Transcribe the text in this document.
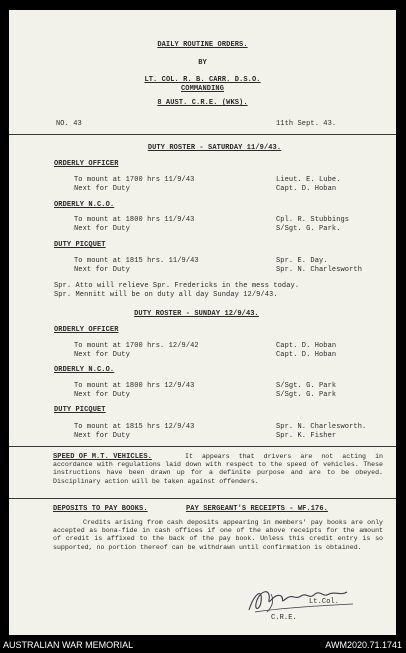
DAILY ROUTINE ORDERS.
BY
LT. COL. R. B. CARR. D.S.O.
COMMANDING
8 AUST. C.R.E. (WKS).
NO. 43	11th Sept. 43.
DUTY ROSTER - SATURDAY 11/9/43.
ORDERLY OFFICER
To mount at 1700 hrs 11/9/43	Lieut. E. Lube.
Next for Duty	Capt. D. Hoban
ORDERLY N.C.O.
To mount at 1800 hrs 11/9/43	Cpl. R. Stubbings
Next for Duty	S/Sgt. G. Park.
DUTY PICQUET
To mount at 1815 hrs. 11/9/43	Spr. E. Day.
Next for Duty	Spr. N. Charlesworth
Spr. Atto will relieve Spr. Fredericks in the mess today.
Spr. Mennitt will be on duty all day Sunday 12/9/43.
DUTY ROSTER - SUNDAY 12/9/43.
ORDERLY OFFICER
To mount at 1700 hrs. 12/9/42	Capt. D. Hoban
Next for Duty	Capt. D. Hoban
ORDERLY N.C.O.
To mount at 1800 hrs 12/9/43	S/Sgt. G. Park
Next for Duty	S/Sgt. G. Park
DUTY PICQUET
To mount at 1815 hrs 12/9/43	Spr. N. Charlesworth.
Next for Duty	Spr. K. Fisher
SPEED OF M.T. VEHICLES.	It appears that drivers are not acting in accordance with regulations laid down with respect to the speed of vehicles. These instructions have been drawn up for a definite purpose and are to be obeyed. Disciplinary action will be taken against offenders.
DEPOSITS TO PAY BOOKS.	PAY SERGEANT'S RECEIPTS - WF.176.
Credits arising from cash deposits appearing in members' pay books are only accepted as bona-fide in cash offices if one of the above receipts for the amount of credit is affixed to the back of the pay book. Unless this credit entry is so supported, no portion thereof can be withdrawn until confirmation is obtained.
Lt.Col.
C.R.E.
AUSTRALIAN WAR MEMORIAL	AWM2020.71.1741
